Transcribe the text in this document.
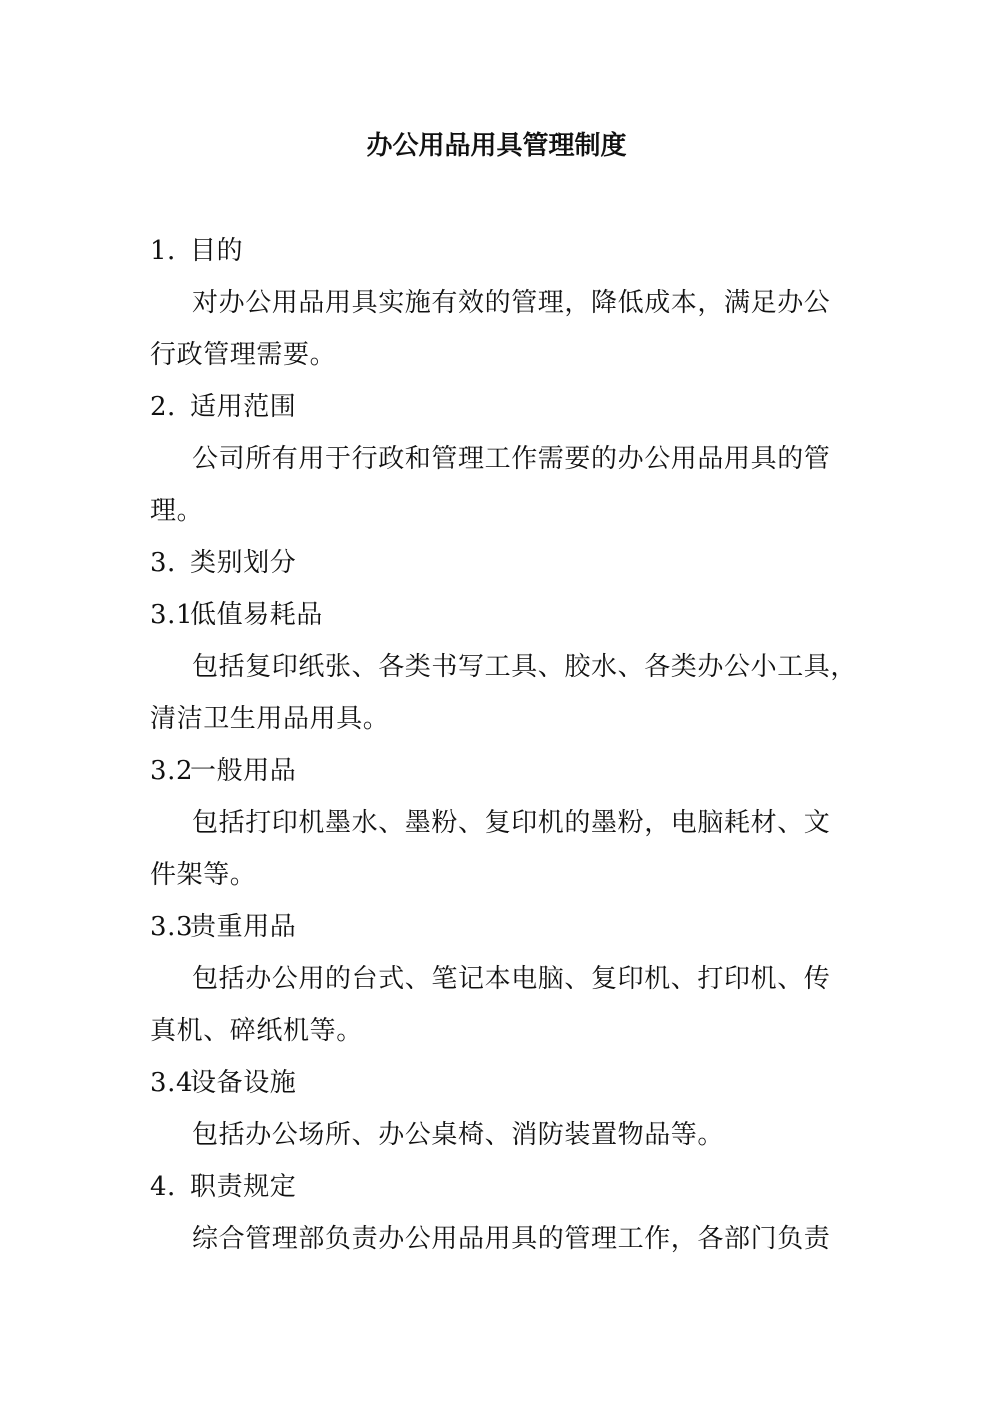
办公用品用具管理制度
1．目的
对办公用品用具实施有效的管理，降低成本，满足办公
行政管理需要。
2．适用范围
公司所有用于行政和管理工作需要的办公用品用具的管
理。
3．类别划分
3.1低值易耗品
包括复印纸张、各类书写工具、胶水、各类办公小工具，
清洁卫生用品用具。
3.2一般用品
包括打印机墨水、墨粉、复印机的墨粉，电脑耗材、文
件架等。
3.3贵重用品
包括办公用的台式、笔记本电脑、复印机、打印机、传
真机、碎纸机等。
3.4设备设施
包括办公场所、办公桌椅、消防装置物品等。
4．职责规定
综合管理部负责办公用品用具的管理工作，各部门负责
